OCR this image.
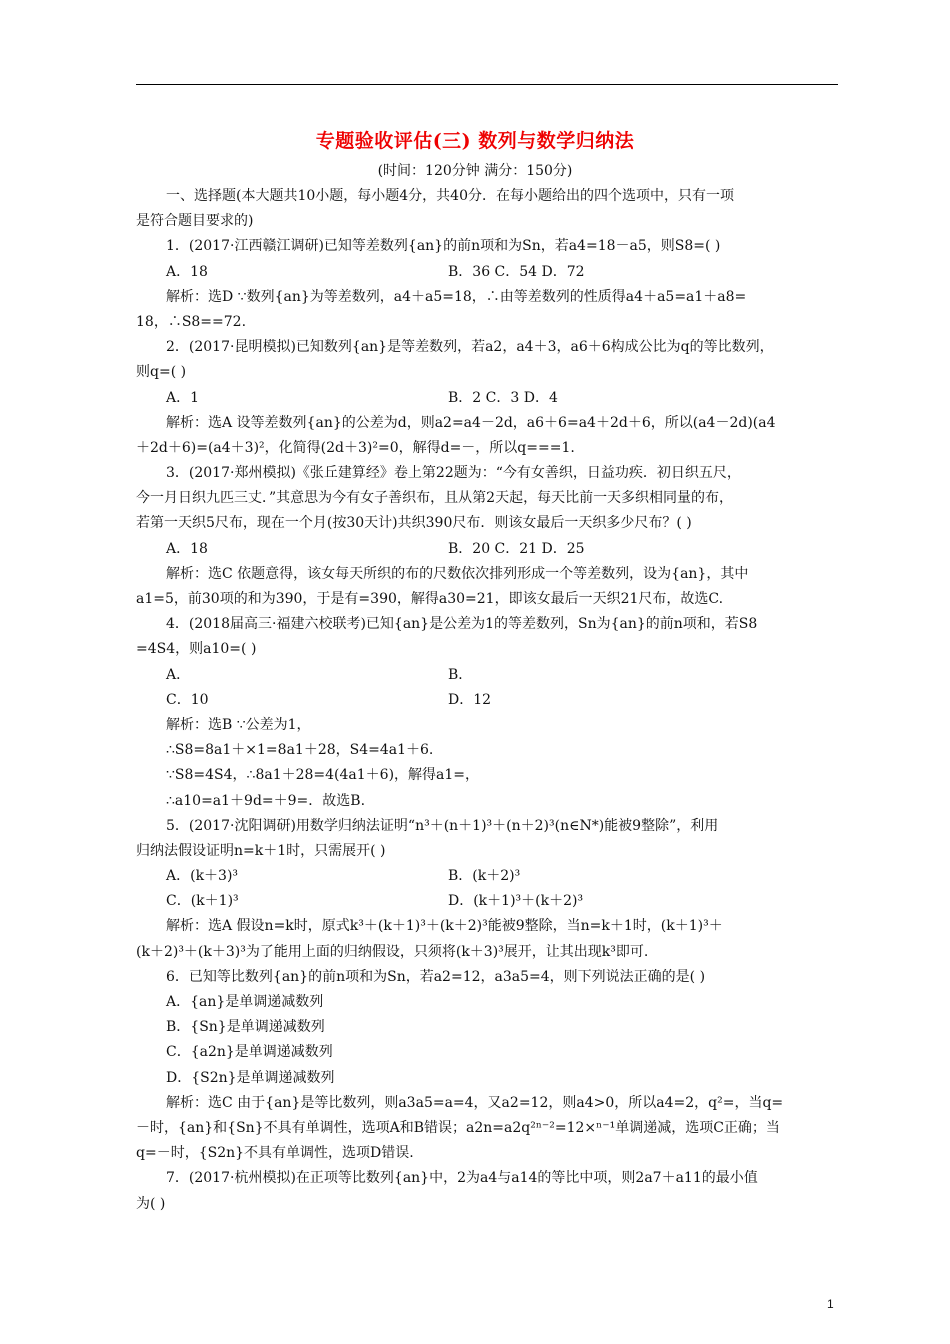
专题验收评估(三) 数列与数学归纳法
(时间：120分钟 满分：150分)
一、选择题(本大题共10小题，每小题4分，共40分．在每小题给出的四个选项中，只有一项
是符合题目要求的)
1．(2017·江西赣江调研)已知等差数列{an}的前n项和为Sn，若a4=18－a5，则S8=( )
A．18	B．36 C．54 D．72
解析：选D ∵数列{an}为等差数列，a4＋a5=18，∴由等差数列的性质得a4＋a5=a1＋a8=
18，∴S8==72.
2．(2017·昆明模拟)已知数列{an}是等差数列，若a2，a4＋3，a6＋6构成公比为q的等比数列，
则q=( )
A．1	B．2 C．3 D．4
解析：选A 设等差数列{an}的公差为d，则a2=a4－2d，a6＋6=a4＋2d＋6，所以(a4－2d)(a4
＋2d＋6)=(a4＋3)²，化简得(2d＋3)²=0，解得d=－，所以q===1.
3．(2017·郑州模拟)《张丘建算经》卷上第22题为：“今有女善织，日益功疾．初日织五尺，
今一月日织九匹三丈．”其意思为今有女子善织布，且从第2天起，每天比前一天多织相同量的布，
若第一天织5尺布，现在一个月(按30天计)共织390尺布．则该女最后一天织多少尺布？( )
A．18	B．20 C．21 D．25
解析：选C 依题意得，该女每天所织的布的尺数依次排列形成一个等差数列，设为{an}，其中
a1=5，前30项的和为390，于是有=390，解得a30=21，即该女最后一天织21尺布，故选C.
4．(2018届高三·福建六校联考)已知{an}是公差为1的等差数列，Sn为{an}的前n项和，若S8
=4S4，则a10=( )
A．	B．
C．10	D．12
解析：选B ∵公差为1，
∴S8=8a1＋×1=8a1＋28，S4=4a1＋6.
∵S8=4S4，∴8a1＋28=4(4a1＋6)，解得a1=，
∴a10=a1＋9d=＋9=．故选B.
5．(2017·沈阳调研)用数学归纳法证明“n³＋(n＋1)³＋(n＋2)³(n∈N*)能被9整除”，利用
归纳法假设证明n=k＋1时，只需展开( )
A．(k＋3)³	B．(k＋2)³
C．(k＋1)³	D．(k＋1)³＋(k＋2)³
解析：选A 假设n=k时，原式k³＋(k＋1)³＋(k＋2)³能被9整除，当n=k＋1时，(k＋1)³＋
(k＋2)³＋(k＋3)³为了能用上面的归纳假设，只须将(k＋3)³展开，让其出现k³即可.
6．已知等比数列{an}的前n项和为Sn，若a2=12，a3a5=4，则下列说法正确的是( )
A．{an}是单调递减数列
B．{Sn}是单调递减数列
C．{a2n}是单调递减数列
D．{S2n}是单调递减数列
解析：选C 由于{an}是等比数列，则a3a5=a=4，又a2=12，则a4>0，所以a4=2，q²=，当q=
－时，{an}和{Sn}不具有单调性，选项A和B错误；a2n=a2q²ⁿ⁻²=12×ⁿ⁻¹单调递减，选项C正确；当
q=－时，{S2n}不具有单调性，选项D错误.
7．(2017·杭州模拟)在正项等比数列{an}中，2为a4与a14的等比中项，则2a7＋a11的最小值
为( )
1
